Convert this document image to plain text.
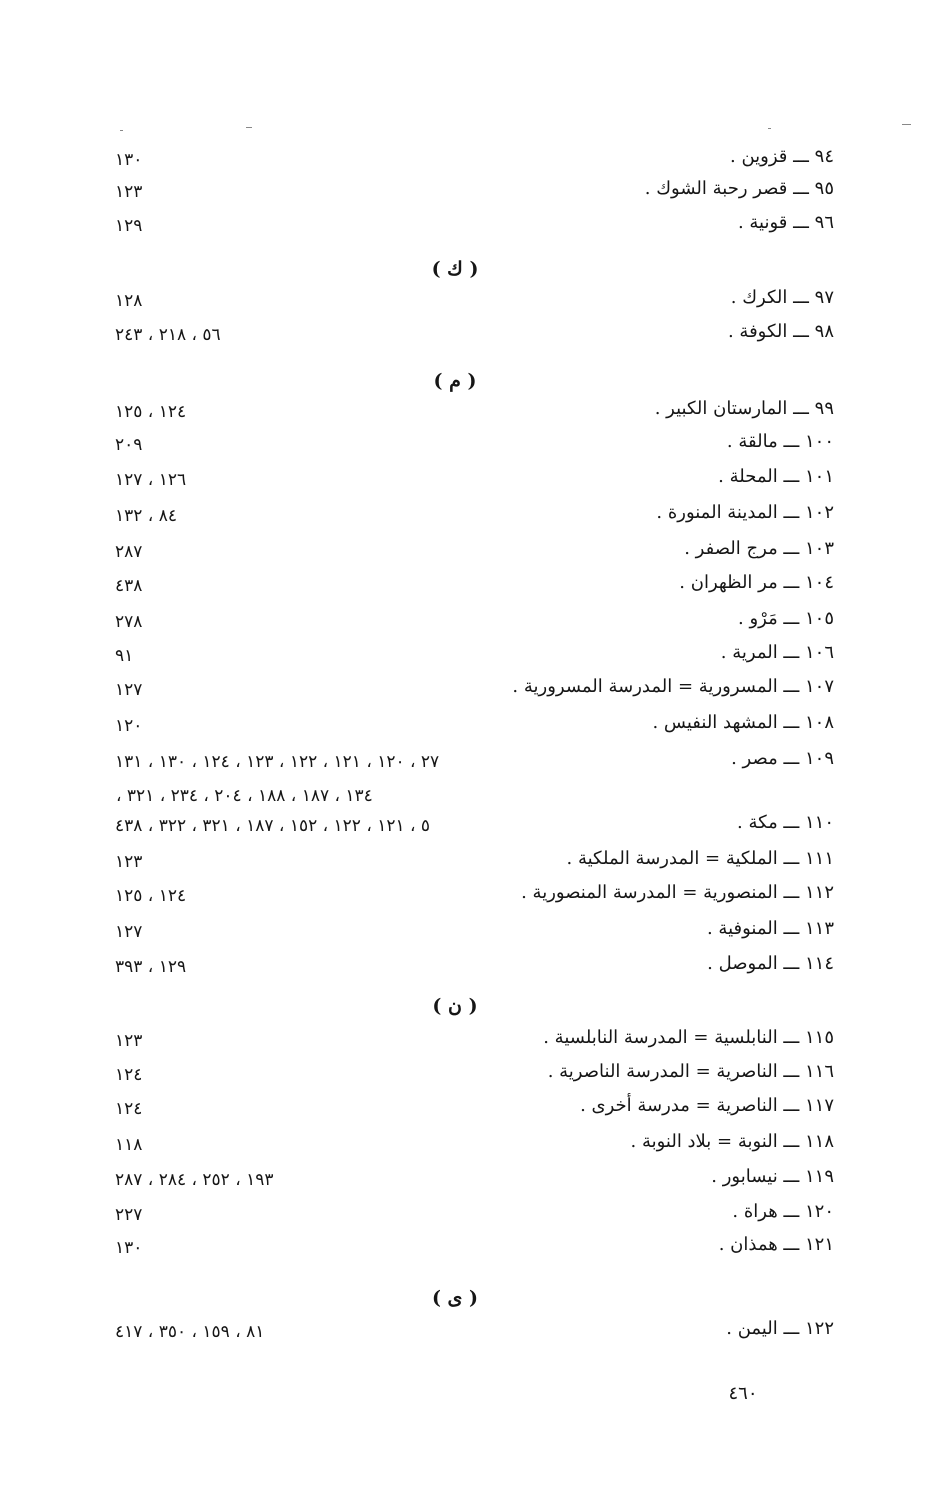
( ك )
( م )
( ن )
( ى )
٩٤ ـــ قزوين .
١٣٠
٩٥ ـــ قصر رحبة الشوك .
١٢٣
٩٦ ـــ قونية .
١٢٩
٩٧ ـــ الكرك .
١٢٨
٩٨ ـــ الكوفة .
٥٦ ، ٢١٨ ، ٢٤٣
٩٩ ـــ المارستان الكبير .
١٢٤ ، ١٢٥
١٠٠ ـــ مالقة .
٢٠٩
١٠١ ـــ المحلة .
١٢٦ ، ١٢٧
١٠٢ ـــ المدينة المنورة .
٨٤ ، ١٣٢
١٠٣ ـــ مرج الصفر .
٢٨٧
١٠٤ ـــ مر الظهران .
٤٣٨
١٠٥ ـــ مَرْو .
٢٧٨
١٠٦ ـــ المرية .
٩١
١٠٧ ـــ المسرورية = المدرسة المسرورية .
١٢٧
١٠٨ ـــ المشهد النفيس .
١٢٠
١٠٩ ـــ مصر .
٢٧ ، ١٢٠ ، ١٢١ ، ١٢٢ ، ١٢٣ ، ١٢٤ ، ١٣٠ ، ١٣١
١١٠ ـــ مكة .
٥ ، ١٢١ ، ١٢٢ ، ١٥٢ ، ١٨٧ ، ٣٢١ ، ٣٢٢ ، ٤٣٨
١١١ ـــ الملكية = المدرسة الملكية .
١٢٣
١١٢ ـــ المنصورية = المدرسة المنصورية .
١٢٤ ، ١٢٥
١١٣ ـــ المنوفية .
١٢٧
١١٤ ـــ الموصل .
١٢٩ ، ٣٩٣
١١٥ ـــ النابلسية = المدرسة النابلسية .
١٢٣
١١٦ ـــ الناصرية = المدرسة الناصرية .
١٢٤
١١٧ ـــ الناصرية = مدرسة أخرى .
١٢٤
١١٨ ـــ النوبة = بلاد النوبة .
١١٨
١١٩ ـــ نيسابور .
١٩٣ ، ٢٥٢ ، ٢٨٤ ، ٢٨٧
١٢٠ ـــ هراة .
٢٢٧
١٢١ ـــ همذان .
١٣٠
١٢٢ ـــ اليمن .
٨١ ، ١٥٩ ، ٣٥٠ ، ٤١٧
١٣٤ ، ١٨٧ ، ١٨٨ ، ٢٠٤ ، ٢٣٤ ، ٣٢١ ،
٤٦٠
